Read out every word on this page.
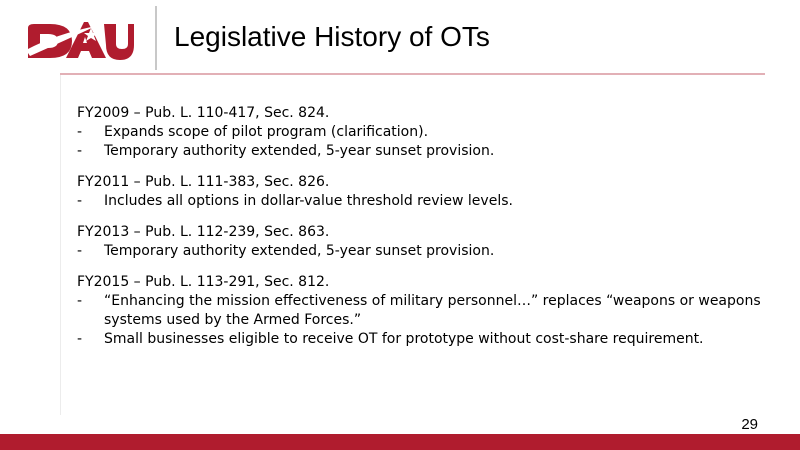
DAU
Legislative History of OTs
FY2009 – Pub. L. 110-417, Sec. 824.
-	Expands scope of pilot program (clarification).
-	Temporary authority extended, 5-year sunset provision.
FY2011 – Pub. L. 111-383, Sec. 826.
-	Includes all options in dollar-value threshold review levels.
FY2013 – Pub. L. 112-239, Sec. 863.
-	Temporary authority extended, 5-year sunset provision.
FY2015 – Pub. L. 113-291, Sec. 812.
-	“Enhancing the mission effectiveness of military personnel…” replaces “weapons or weapons systems used by the Armed Forces.”
-	Small businesses eligible to receive OT for prototype without cost-share requirement.
29
